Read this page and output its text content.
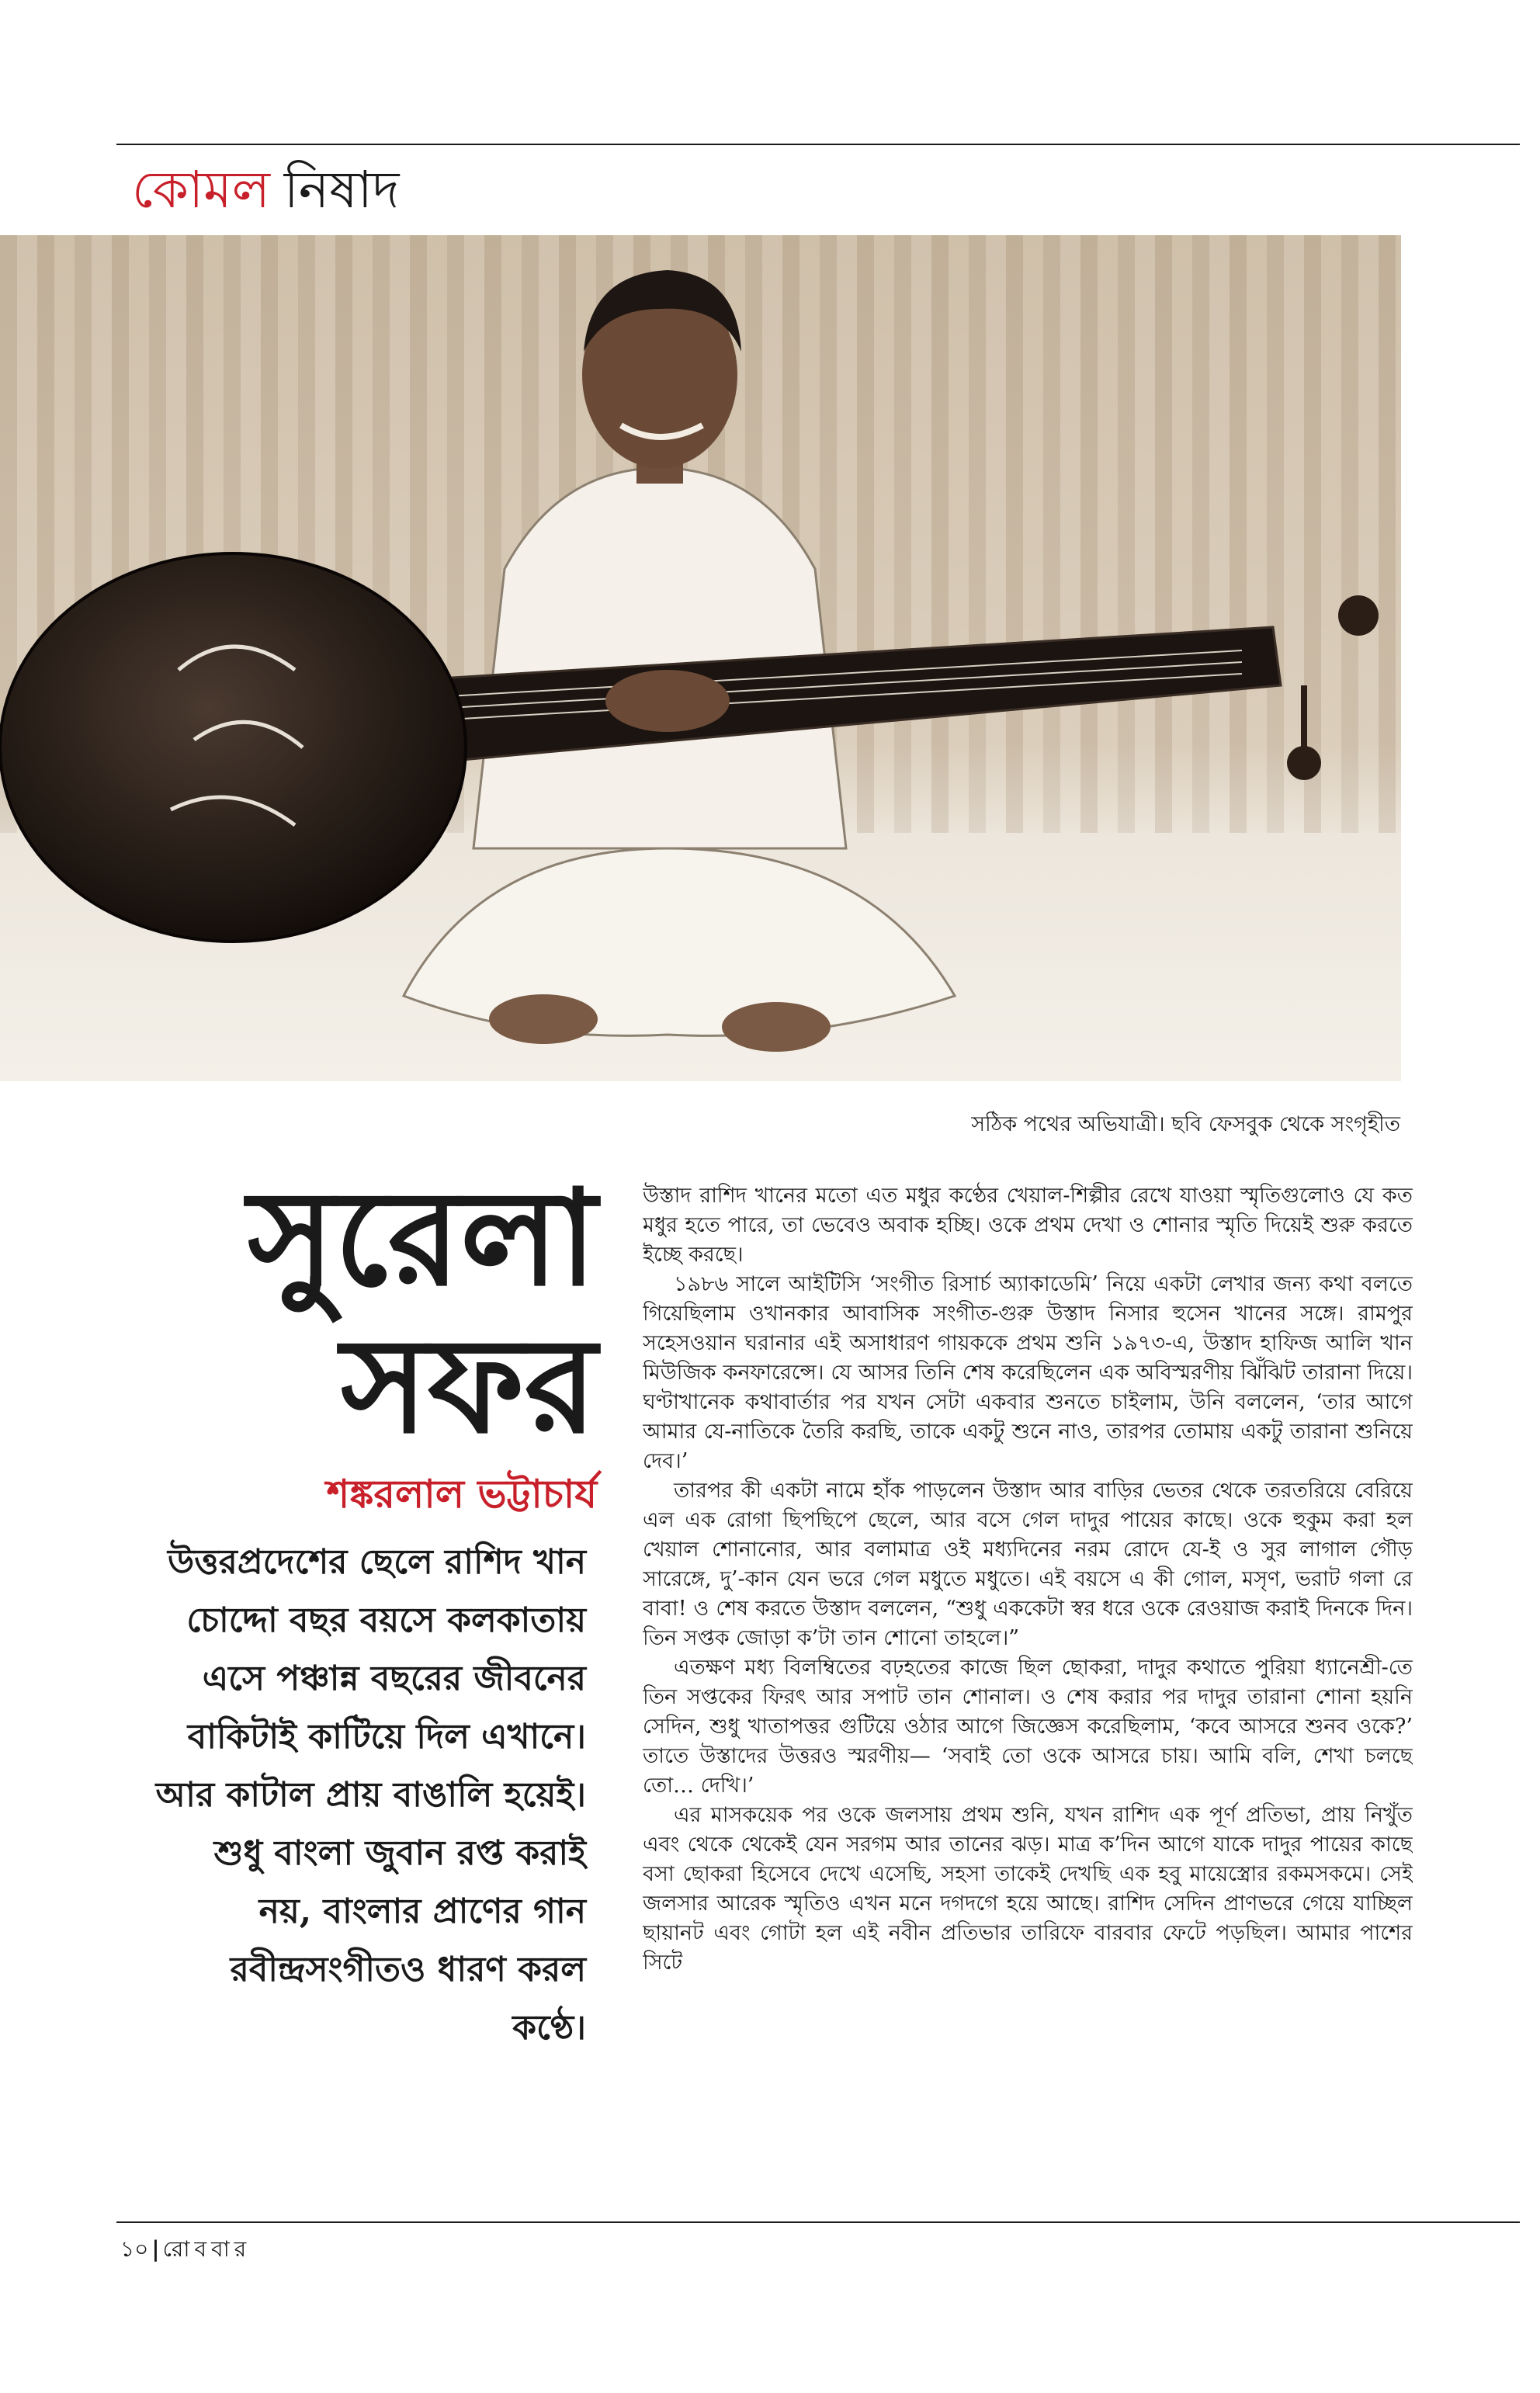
কোমল নিষাদ
সঠিক পথের অভিযাত্রী। ছবি ফেসবুক থেকে সংগৃহীত
সুরেলা
সফর
শঙ্করলাল ভট্টাচার্য
উত্তরপ্রদেশের ছেলে রাশিদ খান চোদ্দো বছর বয়সে কলকাতায় এসে পঞ্চান্ন বছরের জীবনের বাকিটাই কাটিয়ে দিল এখানে। আর কাটাল প্রায় বাঙালি হয়েই। শুধু বাংলা জুবান রপ্ত করাই নয়, বাংলার প্রাণের গান রবীন্দ্রসংগীতও ধারণ করল কণ্ঠে।

উস্তাদ রাশিদ খানের মতো এত মধুর কণ্ঠের খেয়াল-শিল্পীর রেখে যাওয়া স্মৃতিগুলোও যে কত মধুর হতে পারে, তা ভেবেও অবাক হচ্ছি। ওকে প্রথম দেখা ও শোনার স্মৃতি দিয়েই শুরু করতে ইচ্ছে করছে।

১৯৮৬ সালে আইটিসি ‘সংগীত রিসার্চ অ্যাকাডেমি’ নিয়ে একটা লেখার জন্য কথা বলতে গিয়েছিলাম ওখানকার আবাসিক সংগীত-গুরু উস্তাদ নিসার হুসেন খানের সঙ্গে। রামপুর সহেসওয়ান ঘরানার এই অসাধারণ গায়ককে প্রথম শুনি ১৯৭৩-এ, উস্তাদ হাফিজ আলি খান মিউজিক কনফারেন্সে। যে আসর তিনি শেষ করেছিলেন এক অবিস্মরণীয় ঝিঁঝিট তারানা দিয়ে। ঘণ্টাখানেক কথাবার্তার পর যখন সেটা একবার শুনতে চাইলাম, উনি বললেন, ‘তার আগে আমার যে-নাতিকে তৈরি করছি, তাকে একটু শুনে নাও, তারপর তোমায় একটু তারানা শুনিয়ে দেব।’

তারপর কী একটা নামে হাঁক পাড়লেন উস্তাদ আর বাড়ির ভেতর থেকে তরতরিয়ে বেরিয়ে এল এক রোগা ছিপছিপে ছেলে, আর বসে গেল দাদুর পায়ের কাছে। ওকে হুকুম করা হল খেয়াল শোনানোর, আর বলামাত্র ওই মধ্যদিনের নরম রোদে যে-ই ও সুর লাগাল গৌড় সারেঙ্গে, দু’-কান যেন ভরে গেল মধুতে মধুতে। এই বয়সে এ কী গোল, মসৃণ, ভরাট গলা রে বাবা! ও শেষ করতে উস্তাদ বললেন, “শুধু এককেটা স্বর ধরে ওকে রেওয়াজ করাই দিনকে দিন। তিন সপ্তক জোড়া ক’টা তান শোনো তাহলে।”

এতক্ষণ মধ্য বিলম্বিতের বঢ়হতের কাজে ছিল ছোকরা, দাদুর কথাতে পুরিয়া ধ্যানেশ্রী-তে তিন সপ্তকের ফিরৎ আর সপাট তান শোনাল। ও শেষ করার পর দাদুর তারানা শোনা হয়নি সেদিন, শুধু খাতাপত্তর গুটিয়ে ওঠার আগে জিজ্ঞেস করেছিলাম, ‘কবে আসরে শুনব ওকে?’ তাতে উস্তাদের উত্তরও স্মরণীয়— ‘সবাই তো ওকে আসরে চায়। আমি বলি, শেখা চলছে তো… দেখি।’

এর মাসকয়েক পর ওকে জলসায় প্রথম শুনি, যখন রাশিদ এক পূর্ণ প্রতিভা, প্রায় নিখুঁত এবং থেকে থেকেই যেন সরগম আর তানের ঝড়। মাত্র ক’দিন আগে যাকে দাদুর পায়ের কাছে বসা ছোকরা হিসেবে দেখে এসেছি, সহসা তাকেই দেখছি এক হবু মায়েস্ত্রোর রকমসকমে। সেই জলসার আরেক স্মৃতিও এখন মনে দগদগে হয়ে আছে। রাশিদ সেদিন প্রাণভরে গেয়ে যাচ্ছিল ছায়ানট এবং গোটা হল এই নবীন প্রতিভার তারিফে বারবার ফেটে পড়ছিল। আমার পাশের সিটে

১০ | রোববার
